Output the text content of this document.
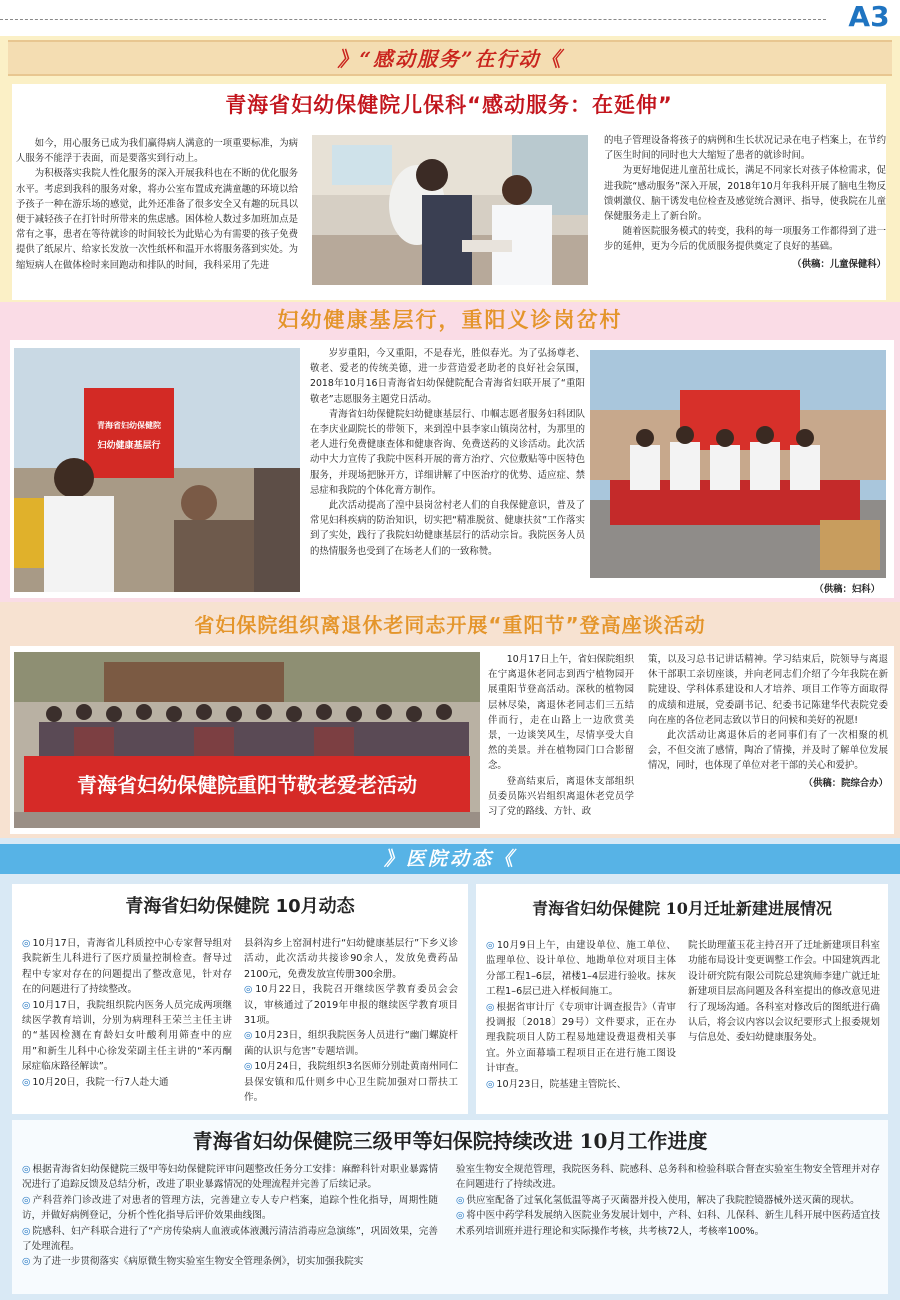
A3
》“感动服务”在行动《
青海省妇幼保健院儿保科“感动服务：在延伸”

如今，用心服务已成为我们赢得病人满意的一项重要标准，为病人服务不能浮于表面，而是要落实到行动上。

为积极落实我院人性化服务的深入开展我科也在不断的优化服务水平。考虑到我科的服务对象，将办公室布置成充满童趣的环境以给予孩子一种在游乐场的感觉，此外还准备了很多安全又有趣的玩具以便于减轻孩子在打针时所带来的焦虑感。困体检人数过多加班加点是常有之事，患者在等待就诊的时间较长为此贴心为有需要的孩子免费提供了纸尿片、给家长发放一次性纸杯和温开水将服务落到实处。为缩短病人在做体检时来回跑动和排队的时间，我科采用了先进

的电子管理设备将孩子的病例和生长状况记录在电子档案上，在节约了医生时间的同时也大大缩短了患者的就诊时间。

为更好地促进儿童茁壮成长，满足不同家长对孩子体检需求，促进我院“感动服务”深入开展，2018年10月年我科开展了脑电生物反馈刺激仪、脑干诱发电位检查及感觉统合测评、指导，使我院在儿童保健服务走上了新台阶。

随着医院服务模式的转变，我科的每一项服务工作都得到了进一步的延伸，更为今后的优质服务提供奠定了良好的基础。

（供稿：儿童保健科）

妇幼健康基层行，重阳义诊岗岔村
青海省妇幼保健院
妇幼健康基层行

岁岁重阳，今又重阳，不是春光，胜似春光。为了弘扬尊老、敬老、爱老的传统美德，进一步营造爱老助老的良好社会氛围，2018年10月16日青海省妇幼保健院配合青海省妇联开展了“重阳敬老”志愿服务主题党日活动。

青海省妇幼保健院妇幼健康基层行、巾帼志愿者服务妇科团队在李庆业副院长的带领下，来到湟中县李家山镇岗岔村，为那里的老人进行免费健康查体和健康咨询、免费送药的义诊活动。此次活动中大力宣传了我院中医科开展的膏方治疗、穴位敷贴等中医特色服务，并现场把脉开方，详细讲解了中医治疗的优势、适应症、禁忌症和我院的个体化膏方制作。

此次活动提高了湟中县岗岔村老人们的自我保健意识，普及了常见妇科疾病的防治知识，切实把“精准脱贫、健康扶贫”工作落实到了实处，践行了我院妇幼健康基层行的活动宗旨。我院医务人员的热情服务也受到了在场老人们的一致称赞。

（供稿：妇科）

省妇保院组织离退休老同志开展“重阳节”登高座谈活动
青海省妇幼保健院重阳节敬老爱老活动

10月17日上午，省妇保院组织在宁离退休老同志到西宁植物园开展重阳节登高活动。深秋的植物园层林尽染，离退休老同志们三五结伴而行，走在山路上一边欣赏美景，一边谈笑风生，尽情享受大自然的美景。并在植物园门口合影留念。

登高结束后，离退休支部组织员委员陈兴岩组织离退休老党员学习了党的路线、方针、政

策，以及习总书记讲话精神。学习结束后，院领导与离退休干部职工亲切座谈，并向老同志们介绍了今年我院在新院建设、学科体系建设和人才培养、项目工作等方面取得的成绩和进展，党委副书记、纪委书记陈建华代表院党委向在座的各位老同志致以节日的问候和美好的祝愿!

此次活动让离退休后的老同事们有了一次相聚的机会，不但交流了感情，陶冶了情操，并及时了解单位发展情况，同时，也体现了单位对老干部的关心和爱护。

（供稿：院综合办）

》医院动态《
青海省妇幼保健院 10月动态

◎ 10月17日，青海省儿科质控中心专家督导组对我院新生儿科进行了医疗质量控制检查。督导过程中专家对存在的问题提出了整改意见，针对存在的问题进行了持续整改。

◎ 10月17日，我院组织院内医务人员完成两项继续医学教育培训，分别为病理科王荣兰主任主讲的“基因检测在育龄妇女叶酸利用筛查中的应用”和新生儿科中心徐发荣副主任主讲的“苯丙酮尿症临床路径解读”。

◎ 10月20日，我院一行7人赴大通

县斜沟乡上窑洞村进行“妇幼健康基层行”下乡义诊活动，此次活动共接诊90余人，发放免费药品2100元，免费发放宣传册300余册。

◎ 10月22日，我院召开继续医学教育委员会会议，审核通过了2019年申报的继续医学教育项目31项。

◎ 10月23日，组织我院医务人员进行“幽门螺旋杆菌的认识与危害”专题培训。

◎ 10月24日，我院组织3名医师分别赴黄南州同仁县保安镇和瓜什则乡中心卫生院加强对口帮扶工作。

青海省妇幼保健院 10月迁址新建进展情况

◎ 10月9日上午，由建设单位、施工单位、监理单位、设计单位、地勘单位对项目主体分部工程1–6层，裙楼1–4层进行验收。抹灰工程1–6层已进入样板间施工。

◎ 根据省审计厅《专项审计调查报告》（青审投调报〔2018〕29号）文件要求，正在办理我院项目人防工程易地建设费退费相关事宜。外立面幕墙工程项目正在进行施工图设计审查。

◎ 10月23日，院基建主管院长、

院长助理董玉花主持召开了迁址新建项目科室功能布局设计变更调整工作会。中国建筑西北设计研究院有限公司院总建筑师李建广就迁址新建项目层高问题及各科室提出的修改意见进行了现场沟通。各科室对修改后的图纸进行确认后，将会议内容以会议纪要形式上报委规划与信息处、委妇幼健康服务处。

青海省妇幼保健院三级甲等妇保院持续改进 10月工作进度

◎ 根据青海省妇幼保健院三级甲等妇幼保健院评审问题整改任务分工安排：麻醉科针对职业暴露情况进行了追踪反馈及总结分析，改进了职业暴露情况的处理流程并完善了后续记录。

◎ 产科营养门诊改进了对患者的管理方法，完善建立专人专户档案，追踪个性化指导，周期性随访，并做好病例登记，分析个性化指导后评价效果曲线图。

◎ 院感科、妇产科联合进行了“产房传染病人血液或体液溅污清洁消毒应急演练”，巩固效果，完善了处理流程。

◎ 为了进一步贯彻落实《病原微生物实验室生物安全管理条例》，切实加强我院实

验室生物安全规范管理，我院医务科、院感科、总务科和检验科联合督查实验室生物安全管理并对存在问题进行了持续改进。

◎ 供应室配备了过氧化氢低温等离子灭菌器并投入使用，解决了我院腔镜器械外送灭菌的现状。

◎ 将中医中药学科发展纳入医院业务发展计划中，产科、妇科、儿保科、新生儿科开展中医药适宜技术系列培训班并进行理论和实际操作考核，共考核72人，考核率100%。
